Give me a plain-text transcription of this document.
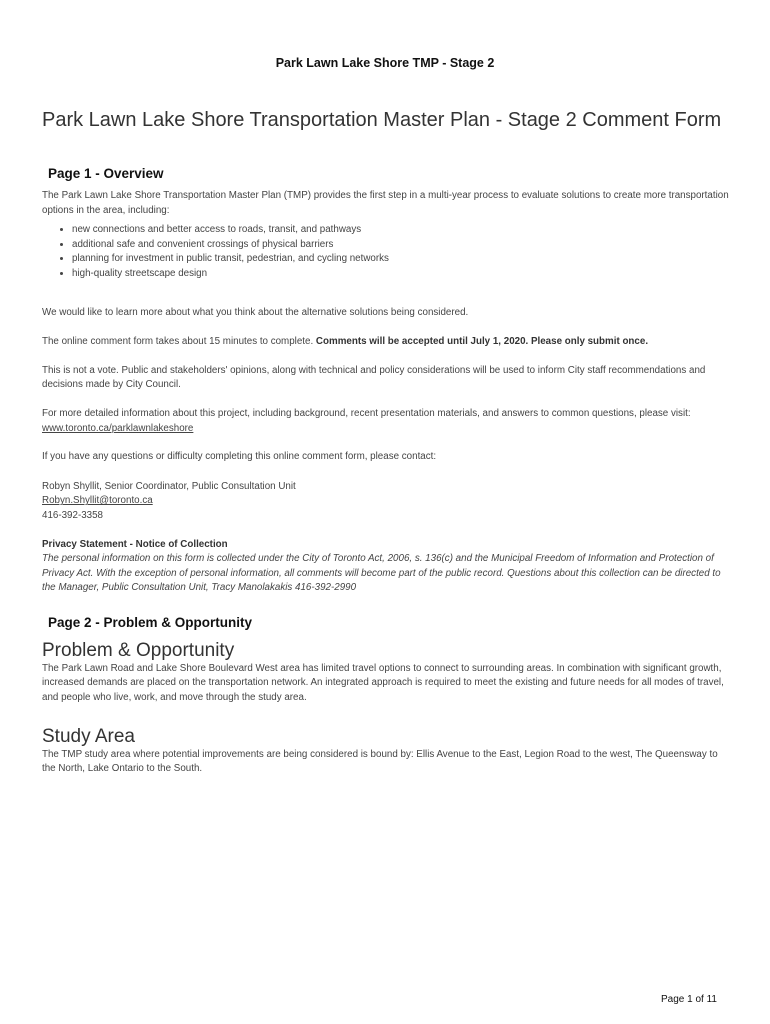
Park Lawn Lake Shore TMP - Stage 2
Park Lawn Lake Shore Transportation Master Plan - Stage 2 Comment Form
Page 1 - Overview

The Park Lawn Lake Shore Transportation Master Plan (TMP) provides the first step in a multi-year process to evaluate solutions to create more transportation options in the area, including:

• new connections and better access to roads, transit, and pathways
• additional safe and convenient crossings of physical barriers
• planning for investment in public transit, pedestrian, and cycling networks
• high-quality streetscape design

We would like to learn more about what you think about the alternative solutions being considered.

The online comment form takes about 15 minutes to complete. Comments will be accepted until July 1, 2020. Please only submit once.

This is not a vote. Public and stakeholders' opinions, along with technical and policy considerations will be used to inform City staff recommendations and decisions made by City Council.

For more detailed information about this project, including background, recent presentation materials, and answers to common questions, please visit: www.toronto.ca/parklawnlakeshore

If you have any questions or difficulty completing this online comment form, please contact:

Robyn Shyllit, Senior Coordinator, Public Consultation Unit

Robyn.Shyllit@toronto.ca

416-392-3358

Privacy Statement - Notice of Collection

The personal information on this form is collected under the City of Toronto Act, 2006, s. 136(c) and the Municipal Freedom of Information and Protection of Privacy Act. With the exception of personal information, all comments will become part of the public record. Questions about this collection can be directed to the Manager, Public Consultation Unit, Tracy Manolakakis 416-392-2990

Page 2 - Problem & Opportunity
Problem & Opportunity

The Park Lawn Road and Lake Shore Boulevard West area has limited travel options to connect to surrounding areas. In combination with significant growth, increased demands are placed on the transportation network. An integrated approach is required to meet the existing and future needs for all modes of travel, and people who live, work, and move through the study area.

Study Area

The TMP study area where potential improvements are being considered is bound by: Ellis Avenue to the East, Legion Road to the west, The Queensway to the North, Lake Ontario to the South.

Page 1 of 11
